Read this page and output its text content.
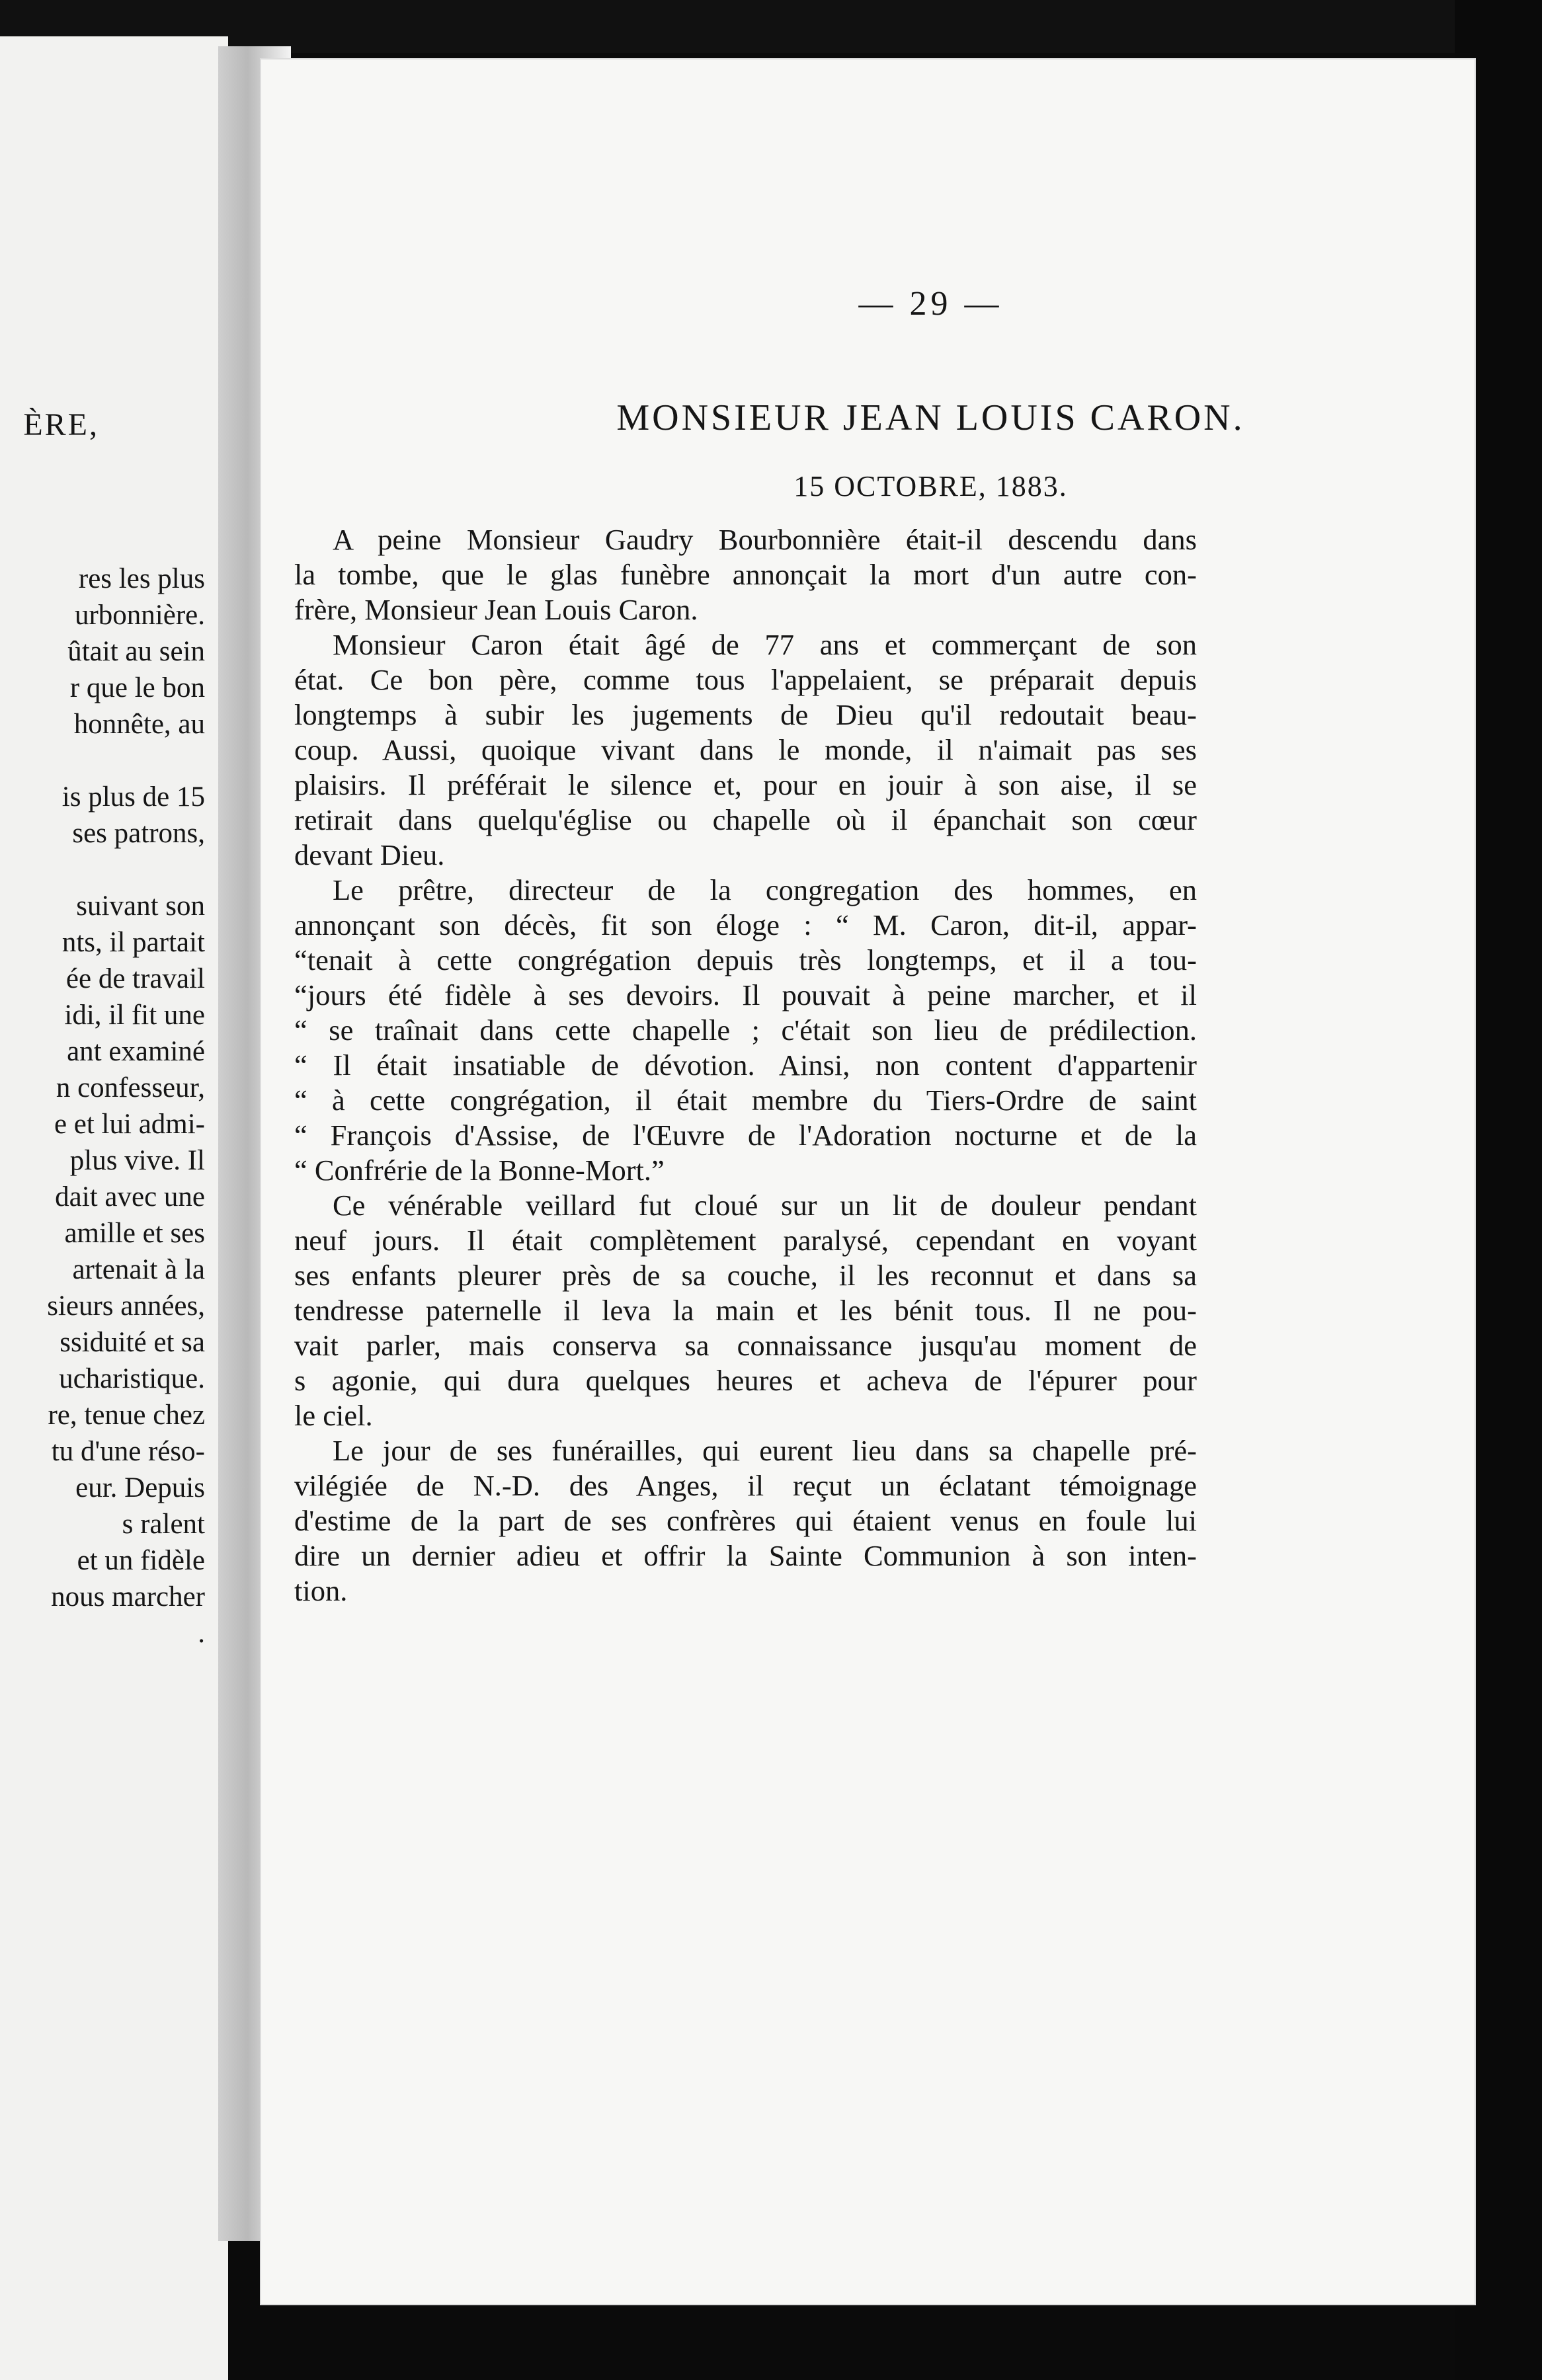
ÈRE,
res les plus
urbonnière.
ûtait au sein
r que le bon
honnête, au
is plus de 15
ses patrons,
suivant son
nts, il partait
ée de travail
idi, il fit une
ant examiné
n confesseur,
e et lui admi-
plus vive. Il
dait avec une
amille et ses
artenait à la
sieurs années,
ssiduité et sa
ucharistique.
re, tenue chez
tu d'une réso-
eur. Depuis
s ralent
et un fidèle
nous marcher
.
— 29 —
MONSIEUR JEAN LOUIS CARON.
15 OCTOBRE, 1883.
A peine Monsieur Gaudry Bourbonnière était-il descendu dans
la tombe, que le glas funèbre annonçait la mort d'un autre con-
frère, Monsieur Jean Louis Caron.
Monsieur Caron était âgé de 77 ans et commerçant de son
état. Ce bon père, comme tous l'appelaient, se préparait depuis
longtemps à subir les jugements de Dieu qu'il redoutait beau-
coup. Aussi, quoique vivant dans le monde, il n'aimait pas ses
plaisirs. Il préférait le silence et, pour en jouir à son aise, il se
retirait dans quelqu'église ou chapelle où il épanchait son cœur
devant Dieu.
Le prêtre, directeur de la congregation des hommes, en
annonçant son décès, fit son éloge : “ M. Caron, dit-il, appar-
“tenait à cette congrégation depuis très longtemps, et il a tou-
“jours été fidèle à ses devoirs. Il pouvait à peine marcher, et il
“ se traînait dans cette chapelle ; c'était son lieu de prédilection.
“ Il était insatiable de dévotion. Ainsi, non content d'appartenir
“ à cette congrégation, il était membre du Tiers-Ordre de saint
“ François d'Assise, de l'Œuvre de l'Adoration nocturne et de la
“ Confrérie de la Bonne-Mort.”
Ce vénérable veillard fut cloué sur un lit de douleur pendant
neuf jours. Il était complètement paralysé, cependant en voyant
ses enfants pleurer près de sa couche, il les reconnut et dans sa
tendresse paternelle il leva la main et les bénit tous. Il ne pou-
vait parler, mais conserva sa connaissance jusqu'au moment de
s agonie, qui dura quelques heures et acheva de l'épurer pour
le ciel.
Le jour de ses funérailles, qui eurent lieu dans sa chapelle pré-
vilégiée de N.-D. des Anges, il reçut un éclatant témoignage
d'estime de la part de ses confrères qui étaient venus en foule lui
dire un dernier adieu et offrir la Sainte Communion à son inten-
tion.
